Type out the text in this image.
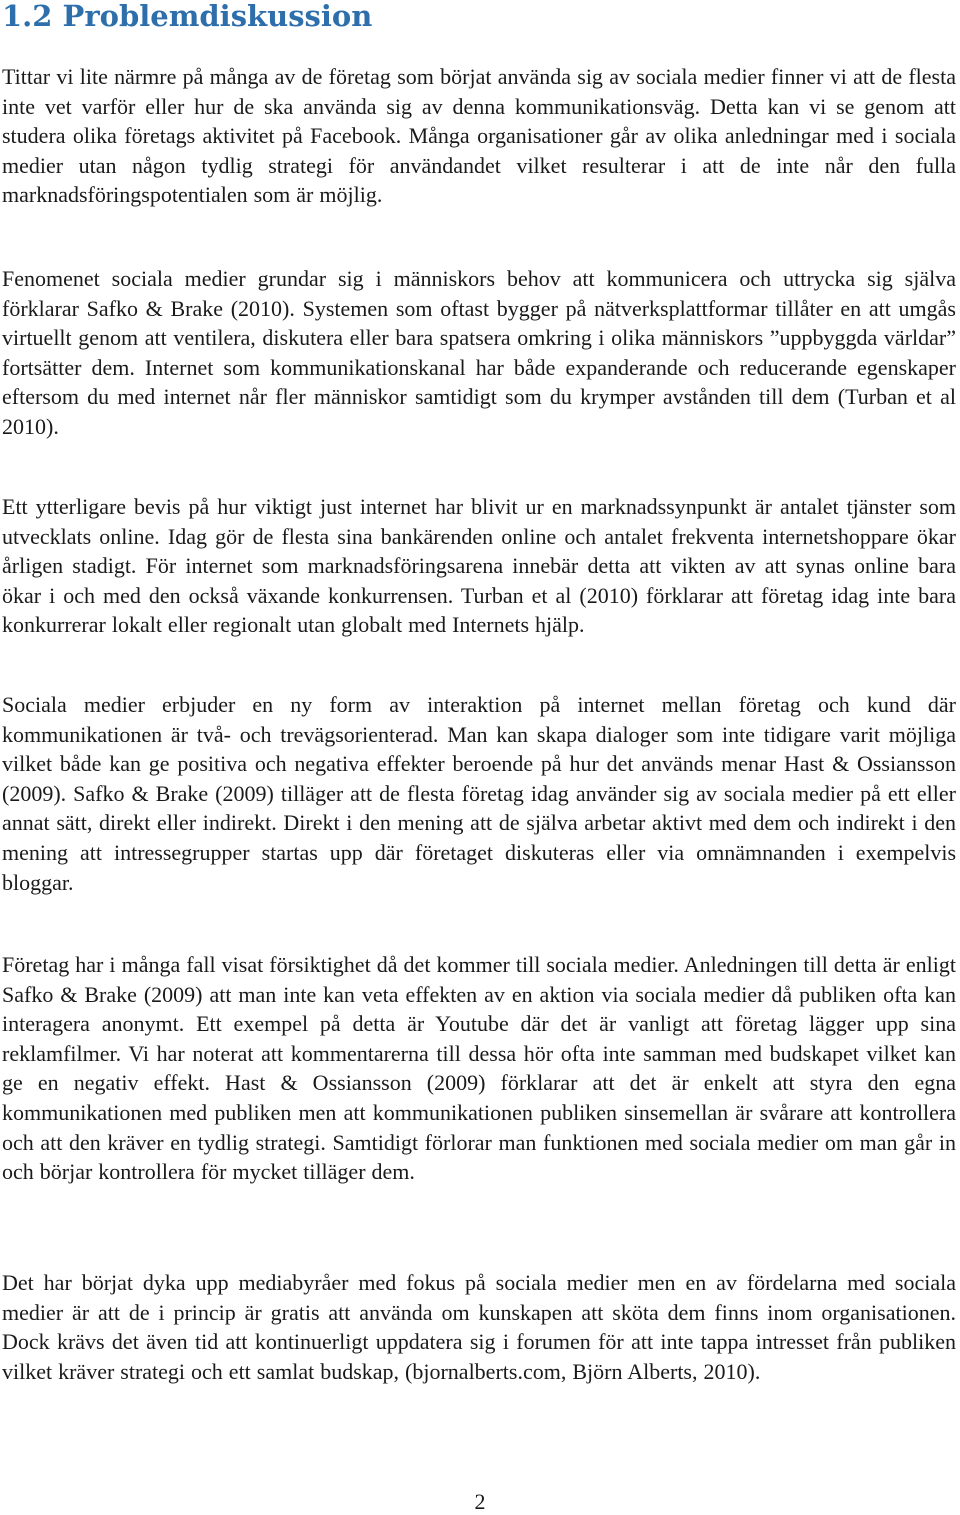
1.2 Problemdiskussion

Tittar vi lite närmre på många av de företag som börjat använda sig av sociala medier finner vi att de flesta inte vet varför eller hur de ska använda sig av denna kommunikationsväg. Detta kan vi se genom att studera olika företags aktivitet på Facebook. Många organisationer går av olika anledningar med i sociala medier utan någon tydlig strategi för användandet vilket resulterar i att de inte når den fulla marknadsföringspotentialen som är möjlig.

Fenomenet sociala medier grundar sig i människors behov att kommunicera och uttrycka sig själva förklarar Safko & Brake (2010). Systemen som oftast bygger på nätverksplattformar tillåter en att umgås virtuellt genom att ventilera, diskutera eller bara spatsera omkring i olika människors ”uppbyggda världar” fortsätter dem. Internet som kommunikationskanal har både expanderande och reducerande egenskaper eftersom du med internet når fler människor samtidigt som du krymper avstånden till dem (Turban et al 2010).

Ett ytterligare bevis på hur viktigt just internet har blivit ur en marknadssynpunkt är antalet tjänster som utvecklats online. Idag gör de flesta sina bankärenden online och antalet frekventa internetshoppare ökar årligen stadigt. För internet som marknadsföringsarena innebär detta att vikten av att synas online bara ökar i och med den också växande konkurrensen. Turban et al (2010) förklarar att företag idag inte bara konkurrerar lokalt eller regionalt utan globalt med Internets hjälp.

Sociala medier erbjuder en ny form av interaktion på internet mellan företag och kund där kommunikationen är två- och trevägsorienterad. Man kan skapa dialoger som inte tidigare varit möjliga vilket både kan ge positiva och negativa effekter beroende på hur det används menar Hast & Ossiansson (2009). Safko & Brake (2009) tilläger att de flesta företag idag använder sig av sociala medier på ett eller annat sätt, direkt eller indirekt. Direkt i den mening att de själva arbetar aktivt med dem och indirekt i den mening att intressegrupper startas upp där företaget diskuteras eller via omnämnanden i exempelvis bloggar.

Företag har i många fall visat försiktighet då det kommer till sociala medier. Anledningen till detta är enligt Safko & Brake (2009) att man inte kan veta effekten av en aktion via sociala medier då publiken ofta kan interagera anonymt. Ett exempel på detta är Youtube där det är vanligt att företag lägger upp sina reklamfilmer. Vi har noterat att kommentarerna till dessa hör ofta inte samman med budskapet vilket kan ge en negativ effekt. Hast & Ossiansson (2009) förklarar att det är enkelt att styra den egna kommunikationen med publiken men att kommunikationen publiken sinsemellan är svårare att kontrollera och att den kräver en tydlig strategi. Samtidigt förlorar man funktionen med sociala medier om man går in och börjar kontrollera för mycket tilläger dem.

Det har börjat dyka upp mediabyråer med fokus på sociala medier men en av fördelarna med sociala medier är att de i princip är gratis att använda om kunskapen att sköta dem finns inom organisationen. Dock krävs det även tid att kontinuerligt uppdatera sig i forumen för att inte tappa intresset från publiken vilket kräver strategi och ett samlat budskap, (bjornalberts.com, Björn Alberts, 2010).

2
